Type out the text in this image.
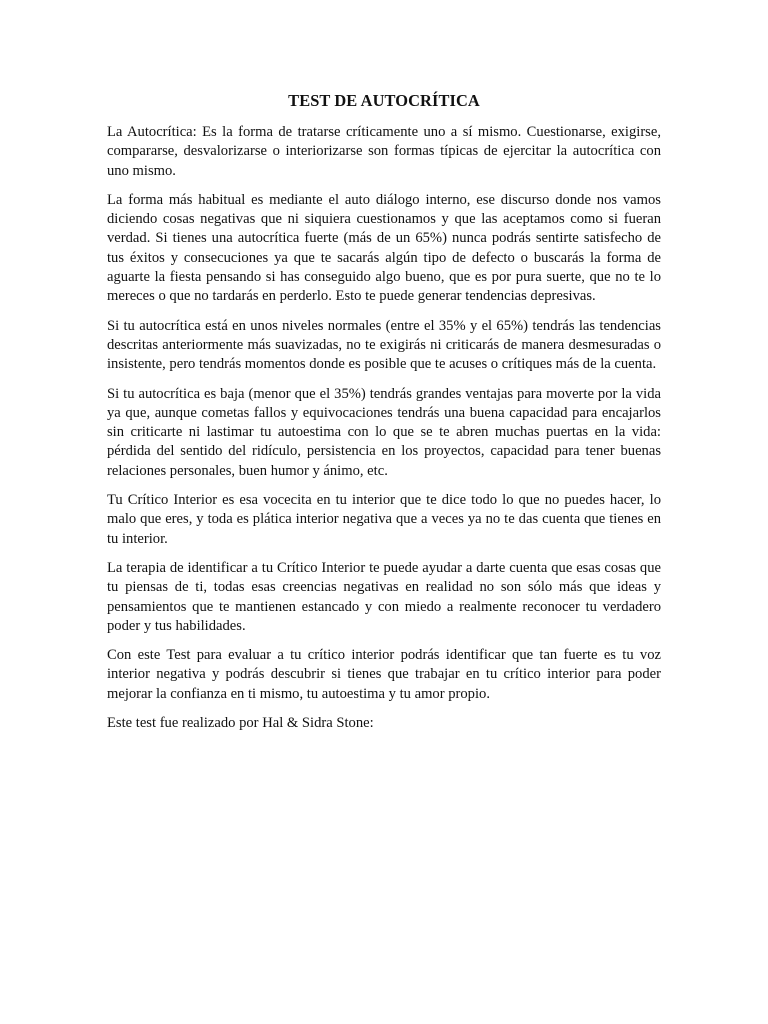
TEST DE AUTOCRÍTICA

La Autocrítica: Es la forma de tratarse críticamente uno a sí mismo. Cuestionarse, exigirse, compararse, desvalorizarse o interiorizarse son formas típicas de ejercitar la autocrítica con uno mismo.

La forma más habitual es mediante el auto diálogo interno, ese discurso donde nos vamos diciendo cosas negativas que ni siquiera cuestionamos y que las aceptamos como si fueran verdad. Si tienes una autocrítica fuerte (más de un 65%) nunca podrás sentirte satisfecho de tus éxitos y consecuciones ya que te sacarás algún tipo de defecto o buscarás la forma de aguarte la fiesta pensando si has conseguido algo bueno, que es por pura suerte, que no te lo mereces o que no tardarás en perderlo. Esto te puede generar tendencias depresivas.

Si tu autocrítica está en unos niveles normales (entre el 35% y el 65%) tendrás las tendencias descritas anteriormente más suavizadas, no te exigirás ni criticarás de manera desmesuradas o insistente, pero tendrás momentos donde es posible que te acuses o crítiques más de la cuenta.

Si tu autocrítica es baja (menor que el 35%) tendrás grandes ventajas para moverte por la vida ya que, aunque cometas fallos y equivocaciones tendrás una buena capacidad para encajarlos sin criticarte ni lastimar tu autoestima con lo que se te abren muchas puertas en la vida: pérdida del sentido del ridículo, persistencia en los proyectos, capacidad para tener buenas relaciones personales, buen humor y ánimo, etc.

Tu Crítico Interior es esa vocecita en tu interior que te dice todo lo que no puedes hacer, lo malo que eres, y toda es plática interior negativa que a veces ya no te das cuenta que tienes en tu interior.

La terapia de identificar a tu Crítico Interior te puede ayudar a darte cuenta que esas cosas que tu piensas de ti, todas esas creencias negativas en realidad no son sólo más que ideas y pensamientos que te mantienen estancado y con miedo a realmente reconocer tu verdadero poder y tus habilidades.

Con este Test para evaluar a tu crítico interior podrás identificar que tan fuerte es tu voz interior negativa y podrás descubrir si tienes que trabajar en tu crítico interior para poder mejorar la confianza en ti mismo, tu autoestima y tu amor propio.

Este test fue realizado por Hal & Sidra Stone:
